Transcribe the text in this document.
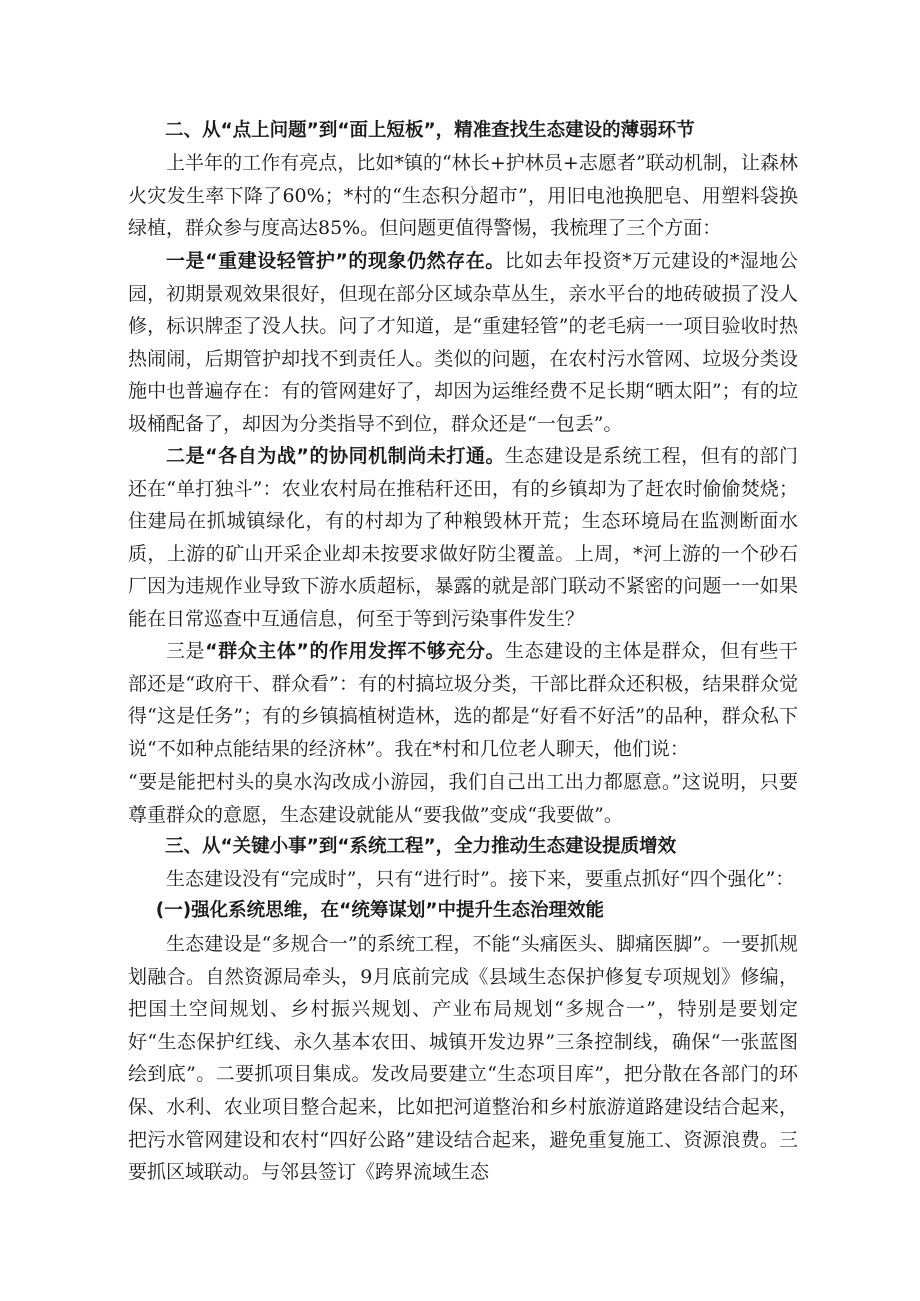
二、从“点上问题”到“面上短板”，精准查找生态建设的薄弱环节

上半年的工作有亮点，比如*镇的“林长+护林员+志愿者”联动机制，让森林火灾发生率下降了60%；*村的“生态积分超市”，用旧电池换肥皂、用塑料袋换绿植，群众参与度高达85%。但问题更值得警惕，我梳理了三个方面：

一是“重建设轻管护”的现象仍然存在。比如去年投资*万元建设的*湿地公园，初期景观效果很好，但现在部分区域杂草丛生，亲水平台的地砖破损了没人修，标识牌歪了没人扶。问了才知道，是“重建轻管”的老毛病一一项目验收时热热闹闹，后期管护却找不到责任人。类似的问题，在农村污水管网、垃圾分类设施中也普遍存在：有的管网建好了，却因为运维经费不足长期“晒太阳”；有的垃圾桶配备了，却因为分类指导不到位，群众还是“一包丢”。

二是“各自为战”的协同机制尚未打通。生态建设是系统工程，但有的部门还在“单打独斗”：农业农村局在推秸秆还田，有的乡镇却为了赶农时偷偷焚烧；住建局在抓城镇绿化，有的村却为了种粮毁林开荒；生态环境局在监测断面水质，上游的矿山开采企业却未按要求做好防尘覆盖。上周，*河上游的一个砂石厂因为违规作业导致下游水质超标，暴露的就是部门联动不紧密的问题一一如果能在日常巡查中互通信息，何至于等到污染事件发生？

三是“群众主体”的作用发挥不够充分。生态建设的主体是群众，但有些干部还是“政府干、群众看”：有的村搞垃圾分类，干部比群众还积极，结果群众觉得“这是任务”；有的乡镇搞植树造林，选的都是“好看不好活”的品种，群众私下说“不如种点能结果的经济林”。我在*村和几位老人聊天，他们说：

“要是能把村头的臭水沟改成小游园，我们自己出工出力都愿意。”这说明，只要尊重群众的意愿，生态建设就能从“要我做”变成“我要做”。

三、从“关键小事”到“系统工程”，全力推动生态建设提质增效

生态建设没有“完成时”，只有“进行时”。接下来，要重点抓好“四个强化”：

(一)强化系统思维，在“统筹谋划”中提升生态治理效能

生态建设是“多规合一”的系统工程，不能“头痛医头、脚痛医脚”。一要抓规划融合。自然资源局牵头，9月底前完成《县域生态保护修复专项规划》修编，把国土空间规划、乡村振兴规划、产业布局规划“多规合一”，特别是要划定好“生态保护红线、永久基本农田、城镇开发边界”三条控制线，确保“一张蓝图绘到底”。二要抓项目集成。发改局要建立“生态项目库”，把分散在各部门的环保、水利、农业项目整合起来，比如把河道整治和乡村旅游道路建设结合起来，把污水管网建设和农村“四好公路”建设结合起来，避免重复施工、资源浪费。三要抓区域联动。与邻县签订《跨界流域生态
